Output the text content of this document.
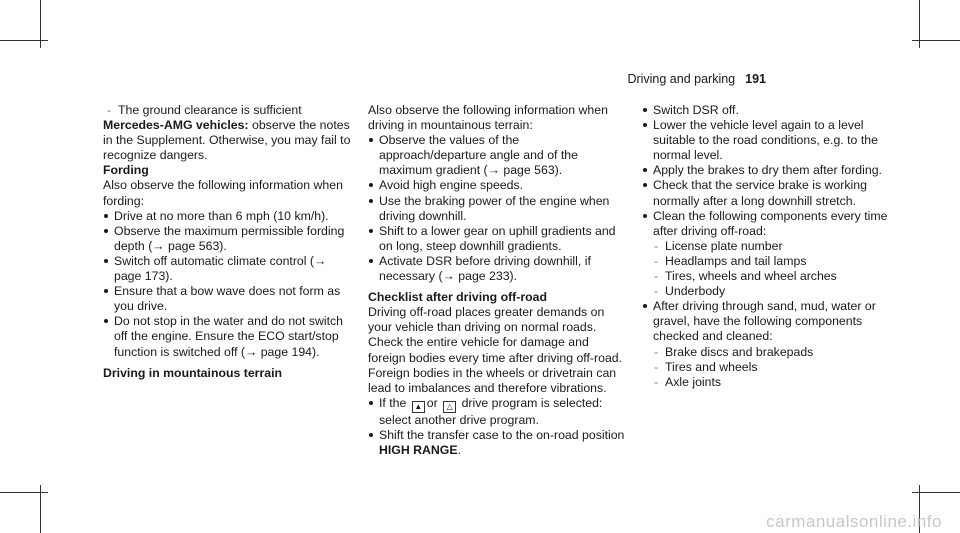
Driving and parking 191
- The ground clearance is sufficient

Mercedes-AMG vehicles: observe the notes in the Supplement. Otherwise, you may fail to recognize dangers.

Fording

Also observe the following information when fording:

Drive at no more than 6 mph (10 km/h).
Observe the maximum permissible fording depth (→ page 563).
Switch off automatic climate control (→ page 173).
Ensure that a bow wave does not form as you drive.
Do not stop in the water and do not switch off the engine. Ensure the ECO start/stop function is switched off (→ page 194).

Driving in mountainous terrain

Also observe the following information when driving in mountainous terrain:

Observe the values of the approach/departure angle and of the maximum gradient (→ page 563).
Avoid high engine speeds.
Use the braking power of the engine when driving downhill.
Shift to a lower gear on uphill gradients and on long, steep downhill gradients.
Activate DSR before driving downhill, if necessary (→ page 233).

Checklist after driving off-road

Driving off-road places greater demands on your vehicle than driving on normal roads. Check the entire vehicle for damage and foreign bodies every time after driving off-road. Foreign bodies in the wheels or drivetrain can lead to imbalances and therefore vibrations.

If the ▲ or △ drive program is selected: select another drive program.
Shift the transfer case to the on-road position HIGH RANGE.
Switch DSR off.
Lower the vehicle level again to a level suitable to the road conditions, e.g. to the normal level.
Apply the brakes to dry them after fording.
Check that the service brake is working normally after a long downhill stretch.
Clean the following components every time after driving off-road:
- License plate number
- Headlamps and tail lamps
- Tires, wheels and wheel arches
- Underbody
After driving through sand, mud, water or gravel, have the following components checked and cleaned:
- Brake discs and brakepads
- Tires and wheels
- Axle joints
carmanualsonline.info
